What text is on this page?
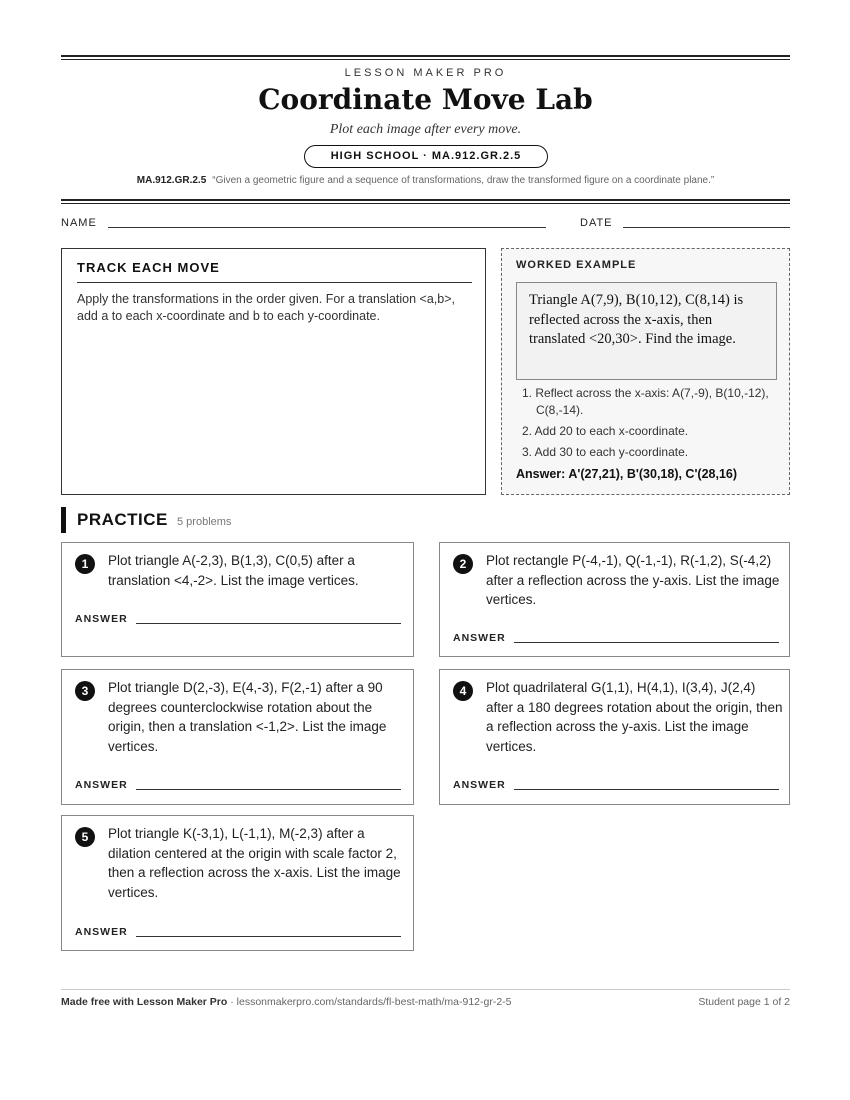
LESSON MAKER PRO
Coordinate Move Lab
Plot each image after every move.
HIGH SCHOOL · MA.912.GR.2.5
MA.912.GR.2.5 “Given a geometric figure and a sequence of transformations, draw the transformed figure on a coordinate plane.”
NAME	DATE
TRACK EACH MOVE
Apply the transformations in the order given. For a translation <a,b>, add a to each x-coordinate and b to each y-coordinate.
WORKED EXAMPLE
Triangle A(7,9), B(10,12), C(8,14) is reflected across the x-axis, then translated <20,30>. Find the image.
1. Reflect across the x-axis: A(7,-9), B(10,-12), C(8,-14).
2. Add 20 to each x-coordinate.
3. Add 30 to each y-coordinate.
Answer: A'(27,21), B'(30,18), C'(28,16)
PRACTICE 5 problems
1	Plot triangle A(-2,3), B(1,3), C(0,5) after a translation <4,-2>. List the image vertices.
ANSWER
2	Plot rectangle P(-4,-1), Q(-1,-1), R(-1,2), S(-4,2) after a reflection across the y-axis. List the image vertices.
ANSWER
3	Plot triangle D(2,-3), E(4,-3), F(2,-1) after a 90 degrees counterclockwise rotation about the origin, then a translation <-1,2>. List the image vertices.
ANSWER
4	Plot quadrilateral G(1,1), H(4,1), I(3,4), J(2,4) after a 180 degrees rotation about the origin, then a reflection across the y-axis. List the image vertices.
ANSWER
5	Plot triangle K(-3,1), L(-1,1), M(-2,3) after a dilation centered at the origin with scale factor 2, then a reflection across the x-axis. List the image vertices.
ANSWER
Made free with Lesson Maker Pro · lessonmakerpro.com/standards/fl-best-math/ma-912-gr-2-5	Student page 1 of 2
